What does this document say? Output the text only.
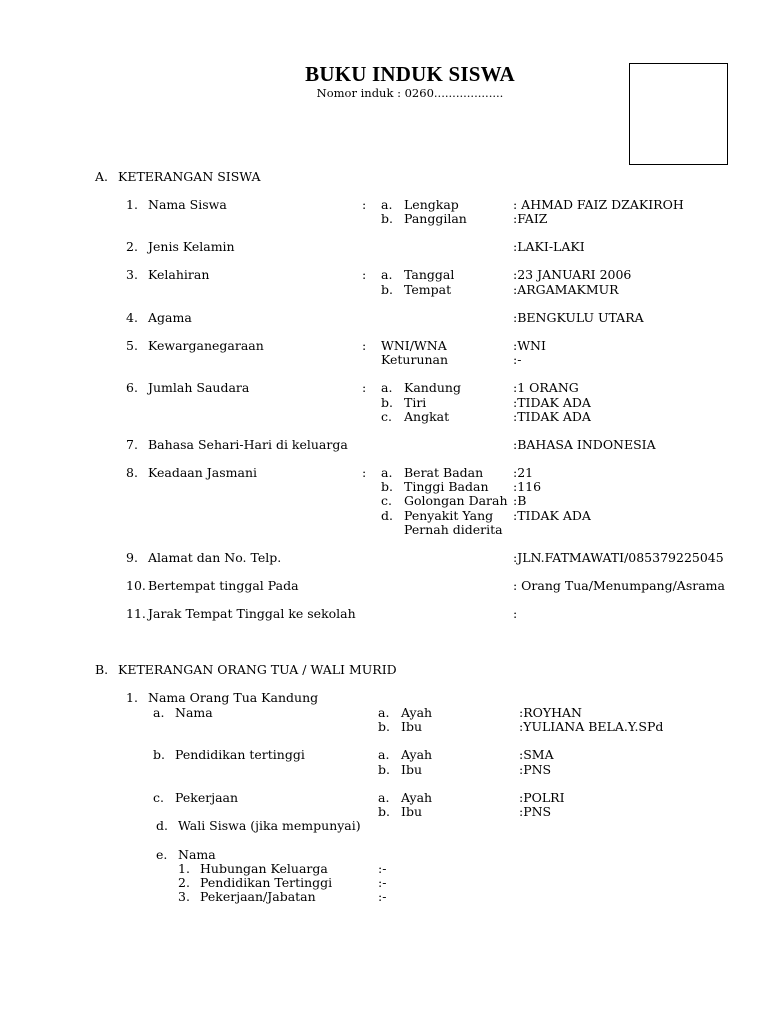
BUKU INDUK SISWA
Nomor induk : 0260...................
A. KETERANGAN SISWA
1. Nama Siswa	: a. Lengkap	: AHMAD FAIZ DZAKIROH
b. Panggilan	:FAIZ
2. Jenis Kelamin	:LAKI-LAKI
3. Kelahiran	: a. Tanggal	:23 JANUARI 2006
b. Tempat	:ARGAMAKMUR
4. Agama	:BENGKULU UTARA
5. Kewarganegaraan	: WNI/WNA	:WNI
Keturunan	:-
6. Jumlah Saudara	: a. Kandung	:1 ORANG
b. Tiri	:TIDAK ADA
c. Angkat	:TIDAK ADA
7. Bahasa Sehari-Hari di keluarga	:BAHASA INDONESIA
8. Keadaan Jasmani	: a. Berat Badan :21
b. Tinggi Badan :116
c. Golongan Darah :B
d. Penyakit Yang :TIDAK ADA
Pernah diderita
9. Alamat dan No. Telp.	:JLN.FATMAWATI/085379225045
10. Bertempat tinggal Pada	: Orang Tua/Menumpang/Asrama
11. Jarak Tempat Tinggal ke sekolah	:
B. KETERANGAN ORANG TUA / WALI MURID
1. Nama Orang Tua Kandung
a. Nama	a. Ayah	:ROYHAN
b. Ibu	:YULIANA BELA.Y.SPd
b. Pendidikan tertinggi	a. Ayah	:SMA
b. Ibu	:PNS
c. Pekerjaan	a. Ayah	:POLRI
b. Ibu	:PNS
d. Wali Siswa (jika mempunyai)
e. Nama
1. Hubungan Keluarga	:-
2. Pendidikan Tertinggi	:-
3. Pekerjaan/Jabatan	:-
